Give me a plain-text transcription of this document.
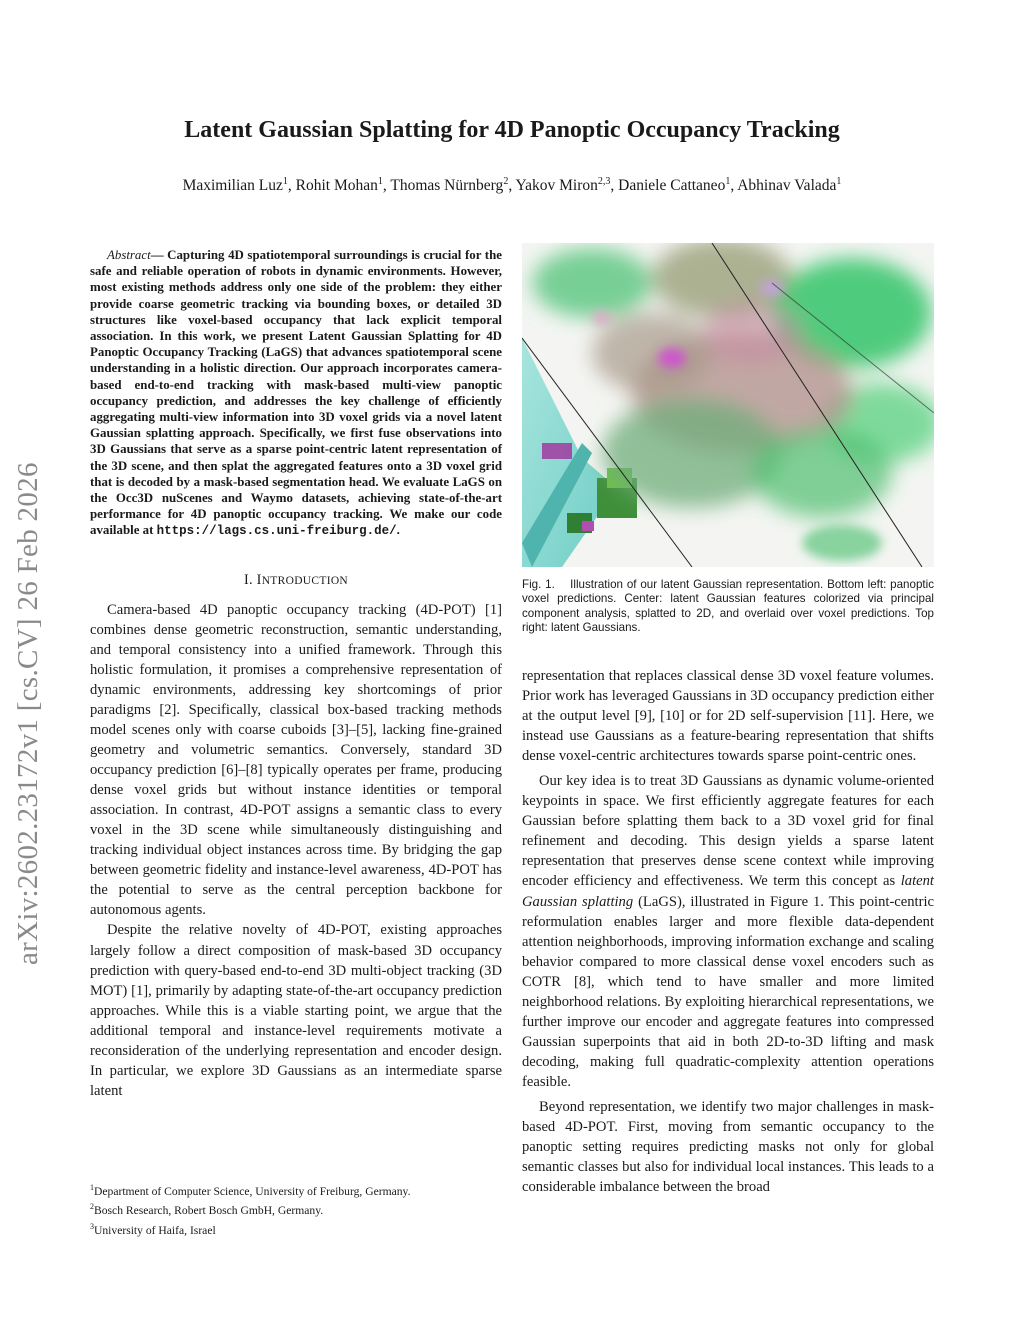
Latent Gaussian Splatting for 4D Panoptic Occupancy Tracking
Maximilian Luz$^1$, Rohit Mohan$^1$, Thomas Nürnberg$^2$, Yakov Miron$^{2,3}$, Daniele Cattaneo$^1$, Abhinav Valada$^1$
arXiv:2602.23172v1 [cs.CV] 26 Feb 2026
Abstract— Capturing 4D spatiotemporal surroundings is crucial for the safe and reliable operation of robots in dynamic environments. However, most existing methods address only one side of the problem: they either provide coarse geometric tracking via bounding boxes, or detailed 3D structures like voxel-based occupancy that lack explicit temporal association. In this work, we present Latent Gaussian Splatting for 4D Panoptic Occupancy Tracking (LaGS) that advances spatiotemporal scene understanding in a holistic direction. Our approach incorporates camera-based end-to-end tracking with mask-based multi-view panoptic occupancy prediction, and addresses the key challenge of efficiently aggregating multi-view information into 3D voxel grids via a novel latent Gaussian splatting approach. Specifically, we first fuse observations into 3D Gaussians that serve as a sparse point-centric latent representation of the 3D scene, and then splat the aggregated features onto a 3D voxel grid that is decoded by a mask-based segmentation head. We evaluate LaGS on the Occ3D nuScenes and Waymo datasets, achieving state-of-the-art performance for 4D panoptic occupancy tracking. We make our code available at https://lags.cs.uni-freiburg.de/.
I. INTRODUCTION

Camera-based 4D panoptic occupancy tracking (4D-POT) [1] combines dense geometric reconstruction, semantic understanding, and temporal consistency into a unified framework. Through this holistic formulation, it promises a comprehensive representation of dynamic environments, addressing key shortcomings of prior paradigms [2]. Specifically, classical box-based tracking methods model scenes only with coarse cuboids [3]–[5], lacking fine-grained geometry and volumetric semantics. Conversely, standard 3D occupancy prediction [6]–[8] typically operates per frame, producing dense voxel grids but without instance identities or temporal association. In contrast, 4D-POT assigns a semantic class to every voxel in the 3D scene while simultaneously distinguishing and tracking individual object instances across time. By bridging the gap between geometric fidelity and instance-level awareness, 4D-POT has the potential to serve as the central perception backbone for autonomous agents.

Despite the relative novelty of 4D-POT, existing approaches largely follow a direct composition of mask-based 3D occupancy prediction with query-based end-to-end 3D multi-object tracking (3D MOT) [1], primarily by adapting state-of-the-art occupancy prediction approaches. While this is a viable starting point, we argue that the additional temporal and instance-level requirements motivate a reconsideration of the underlying representation and encoder design. In particular, we explore 3D Gaussians as an intermediate sparse latent

$^1$Department of Computer Science, University of Freiburg, Germany.
$^2$Bosch Research, Robert Bosch GmbH, Germany.
$^3$University of Haifa, Israel
Fig. 1. Illustration of our latent Gaussian representation. Bottom left: panoptic voxel predictions. Center: latent Gaussian features colorized via principal component analysis, splatted to 2D, and overlaid over voxel predictions. Top right: latent Gaussians.

representation that replaces classical dense 3D voxel feature volumes. Prior work has leveraged Gaussians in 3D occupancy prediction either at the output level [9], [10] or for 2D self-supervision [11]. Here, we instead use Gaussians as a feature-bearing representation that shifts dense voxel-centric architectures towards sparse point-centric ones.

Our key idea is to treat 3D Gaussians as dynamic volume-oriented keypoints in space. We first efficiently aggregate features for each Gaussian before splatting them back to a 3D voxel grid for final refinement and decoding. This design yields a sparse latent representation that preserves dense scene context while improving encoder efficiency and effectiveness. We term this concept as latent Gaussian splatting (LaGS), illustrated in Figure 1. This point-centric reformulation enables larger and more flexible data-dependent attention neighborhoods, improving information exchange and scaling behavior compared to more classical dense voxel encoders such as COTR [8], which tend to have smaller and more limited neighborhood relations. By exploiting hierarchical representations, we further improve our encoder and aggregate features into compressed Gaussian superpoints that aid in both 2D-to-3D lifting and mask decoding, making full quadratic-complexity attention operations feasible.

Beyond representation, we identify two major challenges in mask-based 4D-POT. First, moving from semantic occupancy to the panoptic setting requires predicting masks not only for global semantic classes but also for individual local instances. This leads to a considerable imbalance between the broad
